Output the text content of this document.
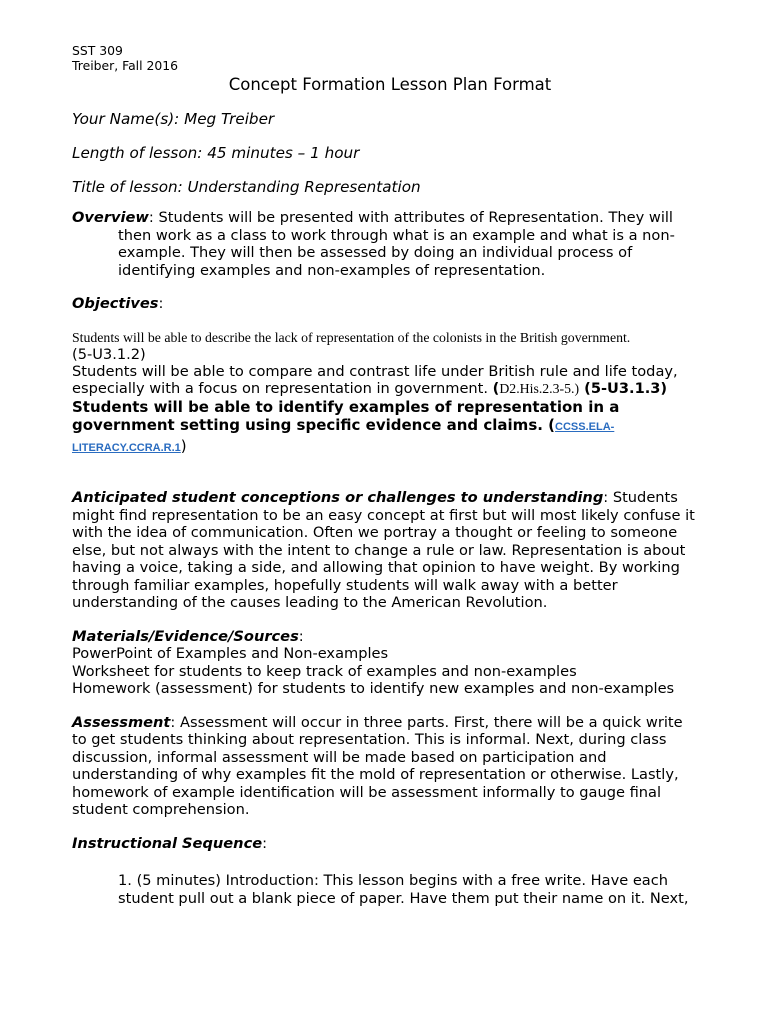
SST 309
Treiber, Fall 2016
Concept Formation Lesson Plan Format
Your Name(s): Meg Treiber
Length of lesson: 45 minutes – 1 hour
Title of lesson: Understanding Representation

Overview: Students will be presented with attributes of Representation. They will then work as a class to work through what is an example and what is a non-example. They will then be assessed by doing an individual process of identifying examples and non-examples of representation.

Objectives:

Students will be able to describe the lack of representation of the colonists in the British government.
(5-U3.1.2)

Students will be able to compare and contrast life under British rule and life today, especially with a focus on representation in government. (D2.His.2.3-5.) (5-U3.1.3)

Students will be able to identify examples of representation in a government setting using specific evidence and claims. (CCSS.ELA-LITERACY.CCRA.R.1)

Anticipated student conceptions or challenges to understanding: Students might find representation to be an easy concept at first but will most likely confuse it with the idea of communication. Often we portray a thought or feeling to someone else, but not always with the intent to change a rule or law. Representation is about having a voice, taking a side, and allowing that opinion to have weight. By working through familiar examples, hopefully students will walk away with a better understanding of the causes leading to the American Revolution.

Materials/Evidence/Sources:

PowerPoint of Examples and Non-examples

Worksheet for students to keep track of examples and non-examples

Homework (assessment) for students to identify new examples and non-examples

Assessment: Assessment will occur in three parts. First, there will be a quick write to get students thinking about representation. This is informal. Next, during class discussion, informal assessment will be made based on participation and understanding of why examples fit the mold of representation or otherwise. Lastly, homework of example identification will be assessment informally to gauge final student comprehension.

Instructional Sequence:

1. (5 minutes) Introduction: This lesson begins with a free write. Have each student pull out a blank piece of paper. Have them put their name on it. Next,
